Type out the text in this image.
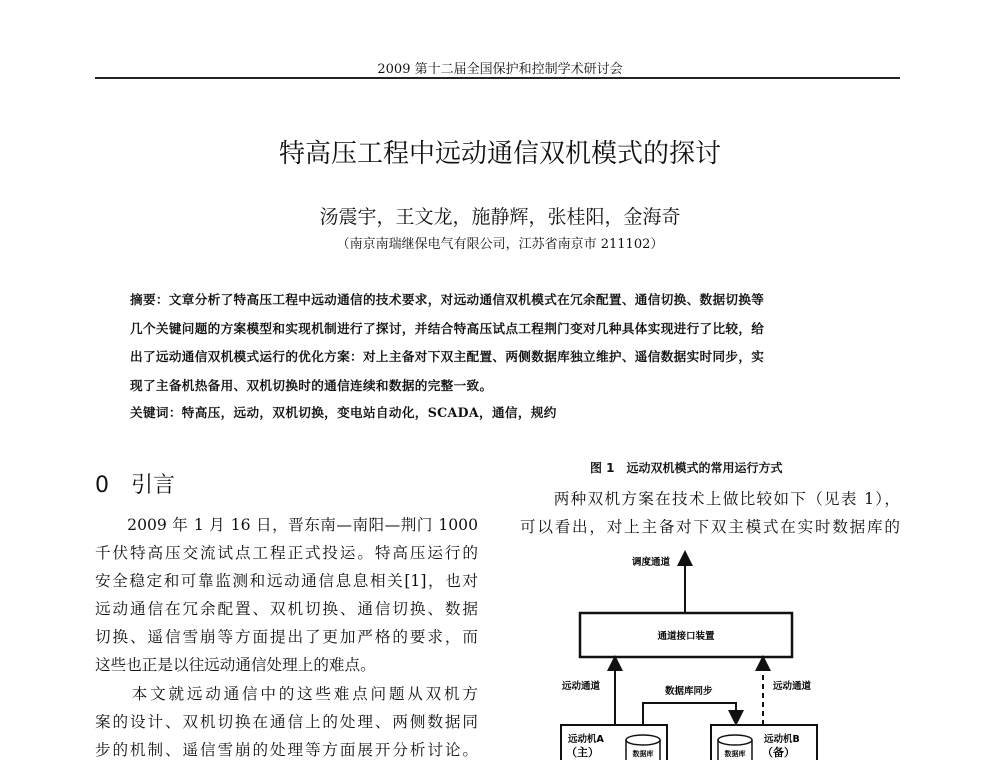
2009 第十二届全国保护和控制学术研讨会
特高压工程中远动通信双机模式的探讨
汤震宇，王文龙，施静辉，张桂阳，金海奇
（南京南瑞继保电气有限公司，江苏省南京市 211102）
摘要：文章分析了特高压工程中远动通信的技术要求，对远动通信双机模式在冗余配置、通信切换、数据切换等
几个关键问题的方案模型和实现机制进行了探讨，并结合特高压试点工程荆门变对几种具体实现进行了比较，给
出了远动通信双机模式运行的优化方案：对上主备对下双主配置、两侧数据库独立维护、遥信数据实时同步，实
现了主备机热备用、双机切换时的通信连续和数据的完整一致。
关键词：特高压，远动，双机切换，变电站自动化，SCADA，通信，规约
0　引言
　　2009 年 1 月 16 日，晋东南—南阳—荆门 1000
千伏特高压交流试点工程正式投运。特高压运行的
安全稳定和可靠监测和远动通信息息相关[1]，也对
远动通信在冗余配置、双机切换、通信切换、数据
切换、遥信雪崩等方面提出了更加严格的要求，而
这些也正是以往远动通信处理上的难点。
　　本文就远动通信中的这些难点问题从双机方
案的设计、双机切换在通信上的处理、两侧数据同
步的机制、遥信雪崩的处理等方面展开分析讨论。
图 1　远动双机模式的常用运行方式
　　两种双机方案在技术上做比较如下（见表 1），
可以看出，对上主备对下双主模式在实时数据库的
调度通道
通道接口装置
远动通道	远动通道
数据库同步
远动机A
（主）
远动机B
（备）
数据库	数据库
